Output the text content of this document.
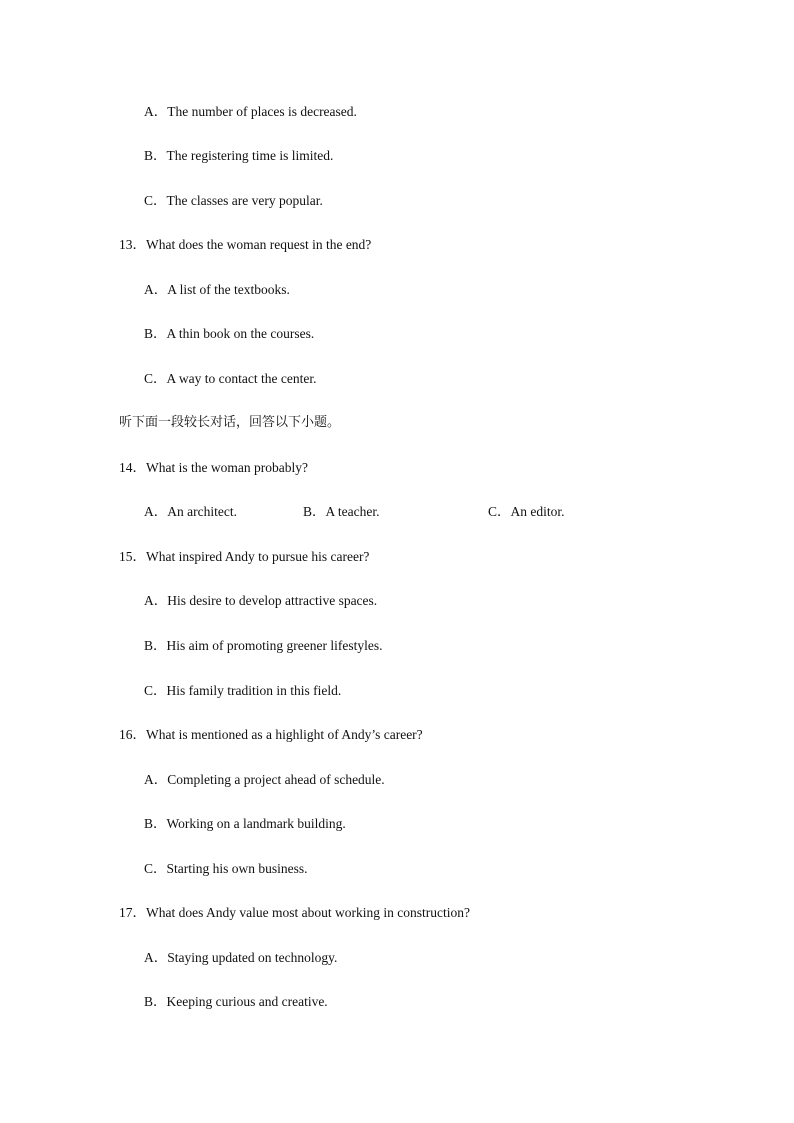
A．The number of places is decreased.
B．The registering time is limited.
C．The classes are very popular.
13．What does the woman request in the end?
A．A list of the textbooks.
B．A thin book on the courses.
C．A way to contact the center.
听下面一段较长对话，回答以下小题。
14．What is the woman probably?
A．An architect.	B．A teacher.	C．An editor.
15．What inspired Andy to pursue his career?
A．His desire to develop attractive spaces.
B．His aim of promoting greener lifestyles.
C．His family tradition in this field.
16．What is mentioned as a highlight of Andy’s career?
A．Completing a project ahead of schedule.
B．Working on a landmark building.
C．Starting his own business.
17．What does Andy value most about working in construction?
A．Staying updated on technology.
B．Keeping curious and creative.
